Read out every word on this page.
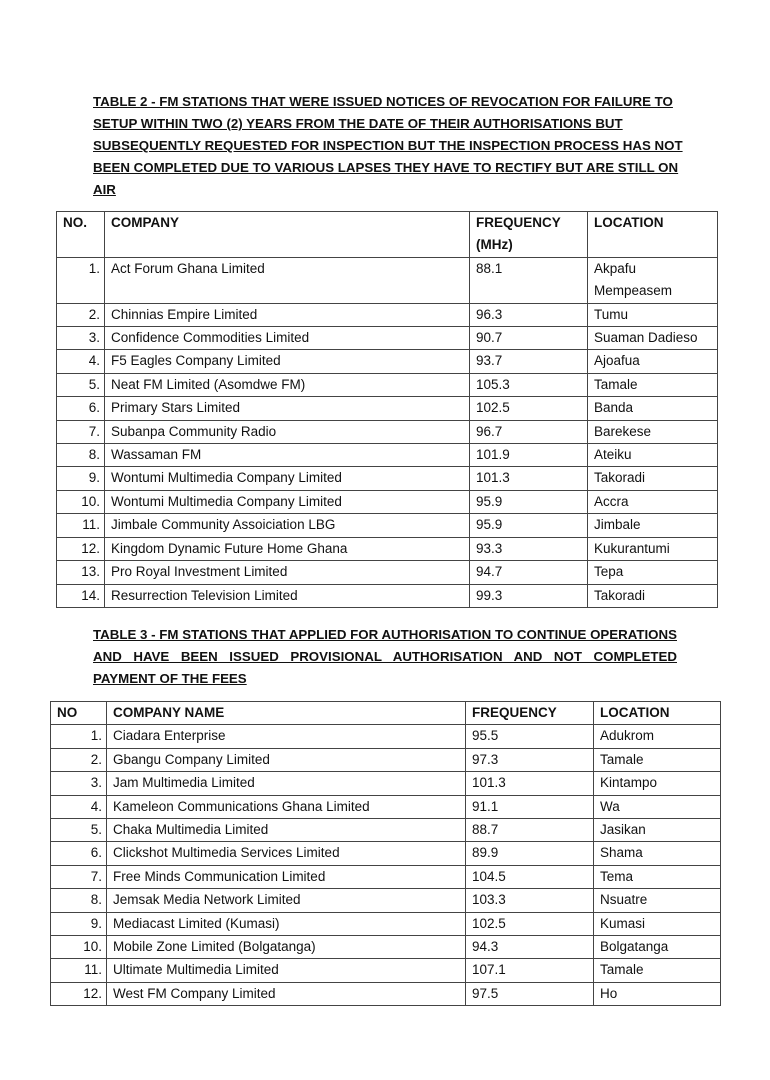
TABLE 2 - FM STATIONS THAT WERE ISSUED NOTICES OF REVOCATION FOR FAILURE TO SETUP WITHIN TWO (2) YEARS FROM THE DATE OF THEIR AUTHORISATIONS BUT SUBSEQUENTLY REQUESTED FOR INSPECTION BUT THE INSPECTION PROCESS HAS NOT BEEN COMPLETED DUE TO VARIOUS LAPSES THEY HAVE TO RECTIFY BUT ARE STILL ON AIR
NO.	COMPANY	FREQUENCY (MHz)	LOCATION
1.	Act Forum Ghana Limited	88.1	Akpafu Mempeasem
2.	Chinnias Empire Limited	96.3	Tumu
3.	Confidence Commodities Limited	90.7	Suaman Dadieso
4.	F5 Eagles Company Limited	93.7	Ajoafua
5.	Neat FM Limited (Asomdwe FM)	105.3	Tamale
6.	Primary Stars Limited	102.5	Banda
7.	Subanpa Community Radio	96.7	Barekese
8.	Wassaman FM	101.9	Ateiku
9.	Wontumi Multimedia Company Limited	101.3	Takoradi
10.	Wontumi Multimedia Company Limited	95.9	Accra
11.	Jimbale Community Assoiciation LBG	95.9	Jimbale
12.	Kingdom Dynamic Future Home Ghana	93.3	Kukurantumi
13.	Pro Royal Investment Limited	94.7	Tepa
14.	Resurrection Television Limited	99.3	Takoradi
TABLE 3 - FM STATIONS THAT APPLIED FOR AUTHORISATION TO CONTINUE OPERATIONS AND HAVE BEEN ISSUED PROVISIONAL AUTHORISATION AND NOT COMPLETED PAYMENT OF THE FEES
NO	COMPANY NAME	FREQUENCY	LOCATION
1.	Ciadara Enterprise	95.5	Adukrom
2.	Gbangu Company Limited	97.3	Tamale
3.	Jam Multimedia Limited	101.3	Kintampo
4.	Kameleon Communications Ghana Limited	91.1	Wa
5.	Chaka Multimedia Limited	88.7	Jasikan
6.	Clickshot Multimedia Services Limited	89.9	Shama
7.	Free Minds Communication Limited	104.5	Tema
8.	Jemsak Media Network Limited	103.3	Nsuatre
9.	Mediacast Limited (Kumasi)	102.5	Kumasi
10.	Mobile Zone Limited (Bolgatanga)	94.3	Bolgatanga
11.	Ultimate Multimedia Limited	107.1	Tamale
12.	West FM Company Limited	97.5	Ho
